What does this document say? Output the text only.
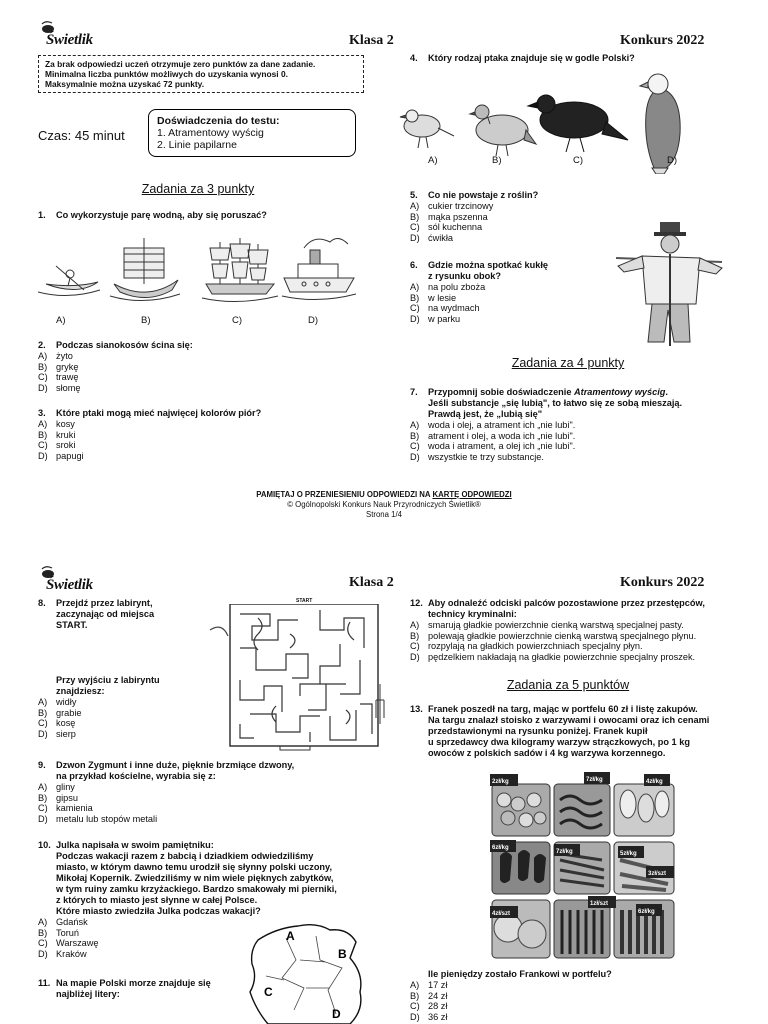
Świetlik	Klasa 2	Konkurs 2022
Za brak odpowiedzi uczeń otrzymuje zero punktów za dane zadanie.
Minimalna liczba punktów możliwych do uzyskania wynosi 0.
Maksymalnie można uzyskać 72 punkty.
Czas: 45 minut
Doświadczenia do testu:
1. Atramentowy wyścig
2. Linie papilarne
Zadania za 3 punkty
1. Co wykorzystuje parę wodną, aby się poruszać?
A)	B)	C)	D)
2. Podczas sianokosów ścina się:
A) żyto
B) grykę
C) trawę
D) słomę
3. Które ptaki mogą mieć najwięcej kolorów piór?
A) kosy
B) kruki
C) sroki
D) papugi
4. Który rodzaj ptaka znajduje się w godle Polski?
A)	B)	C)	D)
5. Co nie powstaje z roślin?
A) cukier trzcinowy
B) mąka pszenna
C) sól kuchenna
D) ćwikła
6. Gdzie można spotkać kukłę
z rysunku obok?
A) na polu zboża
B) w lesie
C) na wydmach
D) w parku
Zadania za 4 punkty
7. Przypomnij sobie doświadczenie Atramentowy wyścig.
Jeśli substancje „się lubią", to łatwo się ze sobą mieszają.
Prawdą jest, że „lubią się"
A) woda i olej, a atrament ich „nie lubi".
B) atrament i olej, a woda ich „nie lubi".
C) woda i atrament, a olej ich „nie lubi".
D) wszystkie te trzy substancje.
PAMIĘTAJ O PRZENIESIENIU ODPOWIEDZI NA KARTĘ ODPOWIEDZI
© Ogólnopolski Konkurs Nauk Przyrodniczych Świetlik®
Strona 1/4
Świetlik	Klasa 2	Konkurs 2022
8. Przejdź przez labirynt,
zaczynając od miejsca
START.
Przy wyjściu z labiryntu
znajdziesz:
A) widły
B) grabie
C) kosę
D) sierp
START
9. Dzwon Zygmunt i inne duże, pięknie brzmiące dzwony,
na przykład kościelne, wyrabia się z:
A) gliny
B) gipsu
C) kamienia
D) metalu lub stopów metali
10. Julka napisała w swoim pamiętniku:
Podczas wakacji razem z babcią i dziadkiem odwiedziliśmy
miasto, w którym dawno temu urodził się słynny polski uczony,
Mikołaj Kopernik. Zwiedziliśmy w nim wiele pięknych zabytków,
w tym ruiny zamku krzyżackiego. Bardzo smakowały mi pierniki,
z których to miasto jest słynne w całej Polsce.
Które miasto zwiedziła Julka podczas wakacji?
A) Gdańsk
B) Toruń
C) Warszawę
D) Kraków
11. Na mapie Polski morze znajduje się
najbliżej litery:
A
B
C
D
12. Aby odnaleźć odciski palców pozostawione przez przestępców,
technicy kryminalni:
A) smarują gładkie powierzchnie cienką warstwą specjalnej pasty.
B) polewają gładkie powierzchnie cienką warstwą specjalnego płynu.
C) rozpylają na gładkich powierzchniach specjalny płyn.
D) pędzelkiem nakładają na gładkie powierzchnie specjalny proszek.
Zadania za 5 punktów
13. Franek poszedł na targ, mając w portfelu 60 zł i listę zakupów.
Na targu znalazł stoisko z warzywami i owocami oraz ich cenami
przedstawionymi na rysunku poniżej. Franek kupił
u sprzedawcy dwa kilogramy warzyw strączkowych, po 1 kg
owoców z polskich sadów i 4 kg warzywa korzennego.
2zł/kg	7zł/kg	4zł/kg
6zł/kg
7zł/kg
4zł/szt
1zł/szt
3zł/szt
6zł/kg
5zł/kg
Ile pieniędzy zostało Frankowi w portfelu?
A) 17 zł
B) 24 zł
C) 28 zł
D) 36 zł
